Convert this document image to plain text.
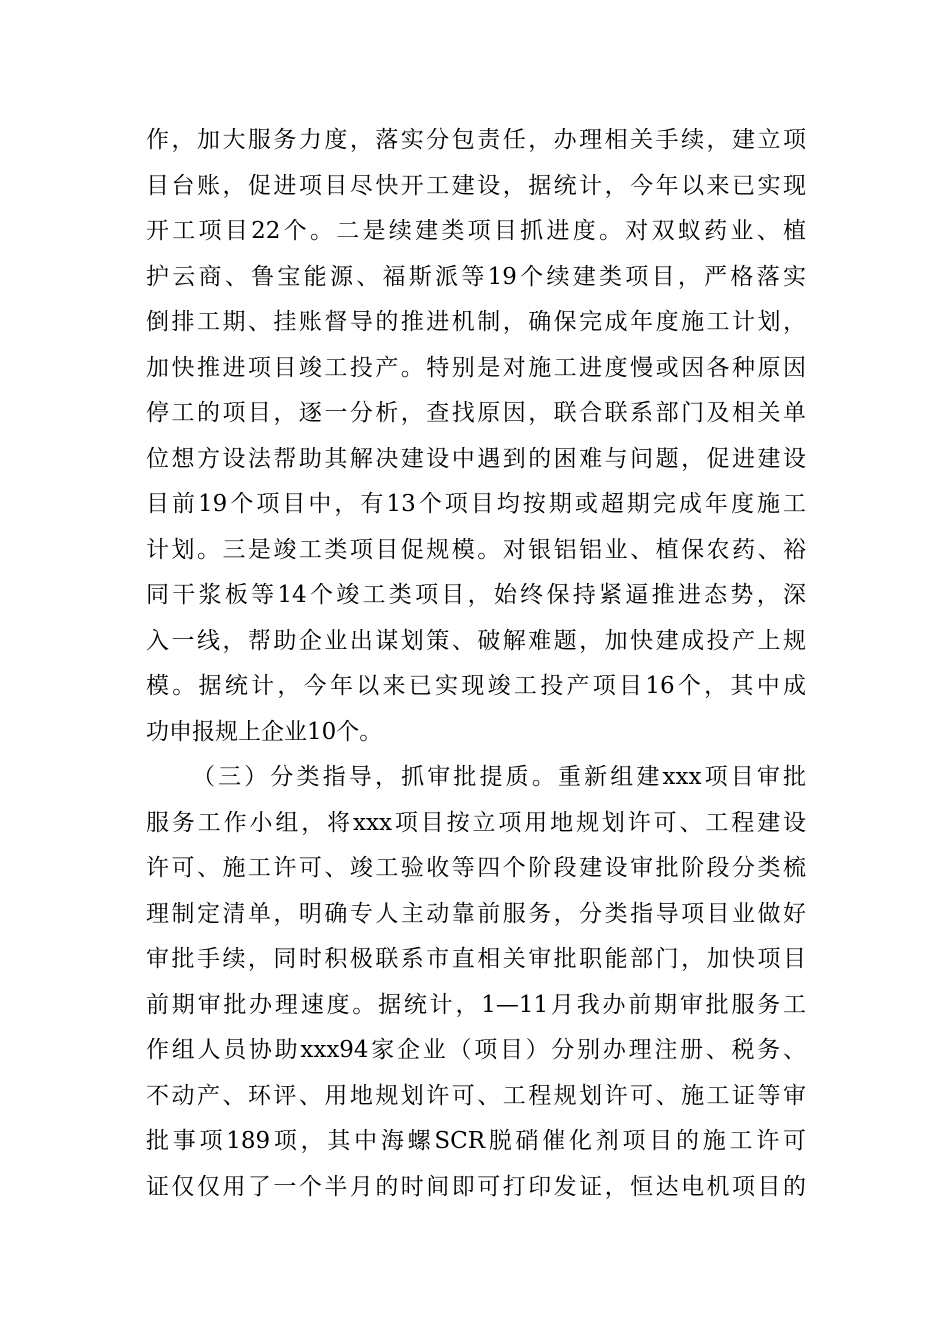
作，加大服务力度，落实分包责任，办理相关手续，建立项
目台账，促进项目尽快开工建设，据统计，今年以来已实现
开工项目22个。二是续建类项目抓进度。对双蚁药业、植
护云商、鲁宝能源、福斯派等19个续建类项目，严格落实
倒排工期、挂账督导的推进机制，确保完成年度施工计划，
加快推进项目竣工投产。特别是对施工进度慢或因各种原因
停工的项目，逐一分析，查找原因，联合联系部门及相关单
位想方设法帮助其解决建设中遇到的困难与问题，促进建设
目前19个项目中，有13个项目均按期或超期完成年度施工
计划。三是竣工类项目促规模。对银铝铝业、植保农药、裕
同干浆板等14个竣工类项目，始终保持紧逼推进态势，深
入一线，帮助企业出谋划策、破解难题，加快建成投产上规
模。据统计，今年以来已实现竣工投产项目16个，其中成
功申报规上企业10个。
（三）分类指导，抓审批提质。重新组建xxx项目审批
服务工作小组，将xxx项目按立项用地规划许可、工程建设
许可、施工许可、竣工验收等四个阶段建设审批阶段分类梳
理制定清单，明确专人主动靠前服务，分类指导项目业做好
审批手续，同时积极联系市直相关审批职能部门，加快项目
前期审批办理速度。据统计，1—11月我办前期审批服务工
作组人员协助xxx94家企业（项目）分别办理注册、税务、
不动产、环评、用地规划许可、工程规划许可、施工证等审
批事项189项，其中海螺SCR脱硝催化剂项目的施工许可
证仅仅用了一个半月的时间即可打印发证，恒达电机项目的
